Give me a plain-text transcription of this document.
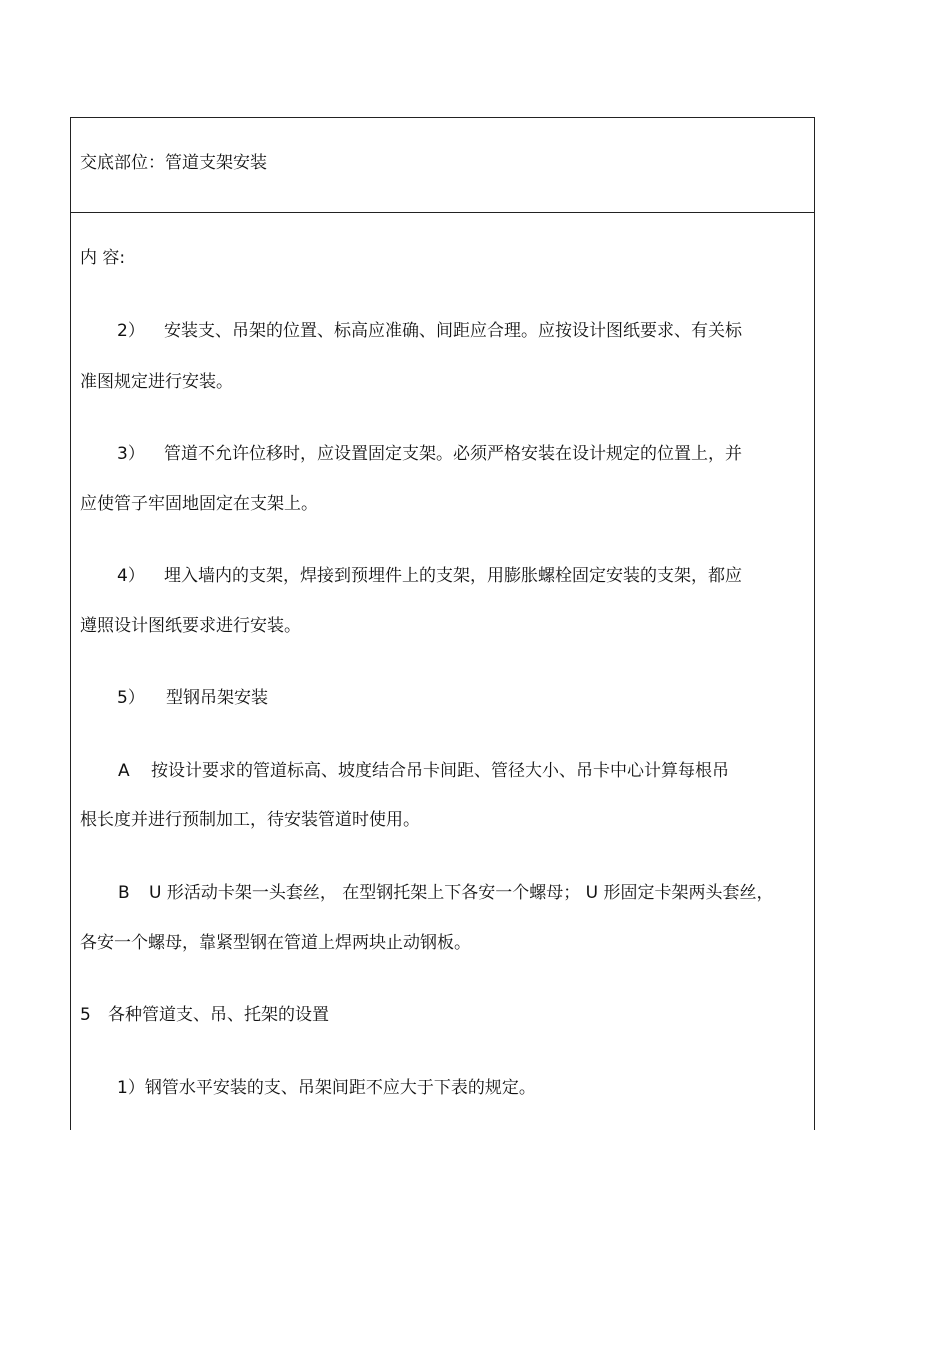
交底部位：管道支架安装
内 容:
2） 安装支、吊架的位置、标高应准确、间距应合理。应按设计图纸要求、有关标
准图规定进行安装。
3） 管道不允许位移时，应设置固定支架。必须严格安装在设计规定的位置上，并
应使管子牢固地固定在支架上。
4） 埋入墙内的支架，焊接到预埋件上的支架，用膨胀螺栓固定安装的支架，都应
遵照设计图纸要求进行安装。
5） 型钢吊架安装
A 按设计要求的管道标高、坡度结合吊卡间距、管径大小、吊卡中心计算每根吊
根长度并进行预制加工，待安装管道时使用。
B U 形活动卡架一头套丝， 在型钢托架上下各安一个螺母； U 形固定卡架两头套丝，
各安一个螺母，靠紧型钢在管道上焊两块止动钢板。
5 各种管道支、吊、托架的设置
1）钢管水平安装的支、吊架间距不应大于下表的规定。
